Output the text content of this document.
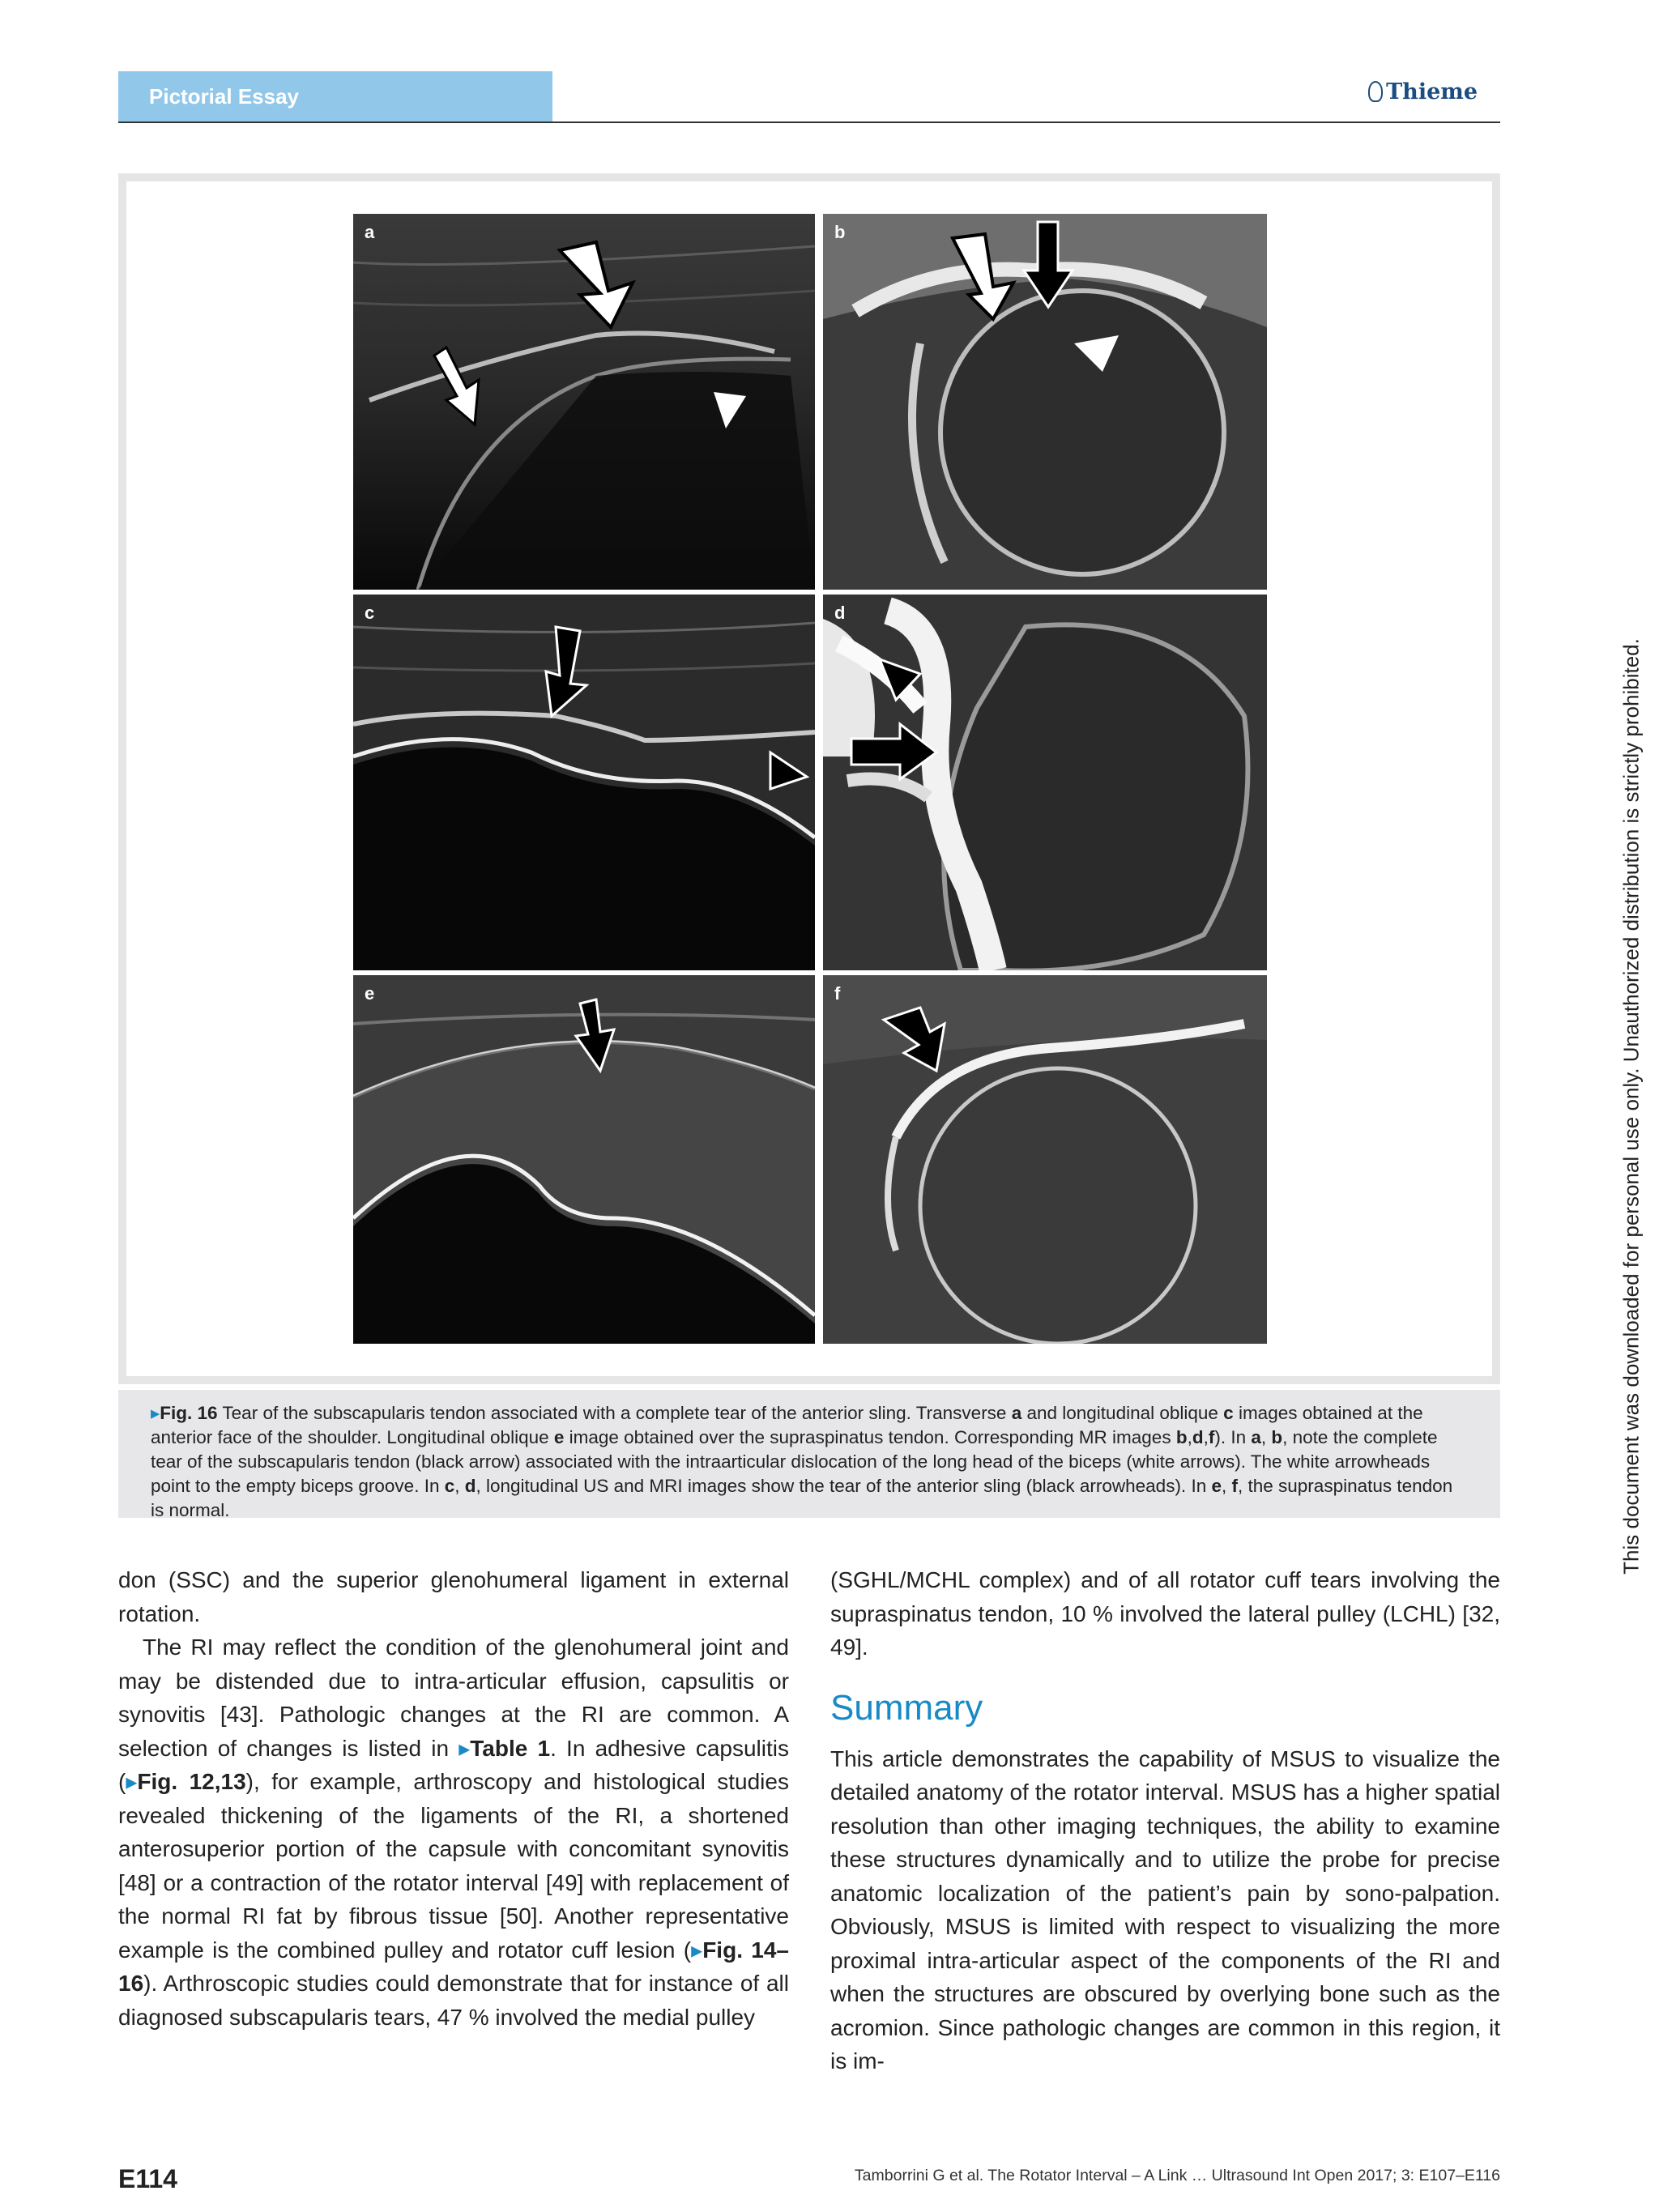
Pictorial Essay	Thieme
a	b
c	d
e	f
▸Fig. 16 Tear of the subscapularis tendon associated with a complete tear of the anterior sling. Transverse a and longitudinal oblique c images obtained at the anterior face of the shoulder. Longitudinal oblique e image obtained over the supraspinatus tendon. Corresponding MR images b,d,f). In a, b, note the complete tear of the subscapularis tendon (black arrow) associated with the intraarticular dislocation of the long head of the biceps (white arrows). The white arrowheads point to the empty biceps groove. In c, d, longitudinal US and MRI images show the tear of the anterior sling (black arrowheads). In e, f, the supraspinatus tendon is normal.

don (SSC) and the superior glenohumeral ligament in external rotation.

The RI may reflect the condition of the glenohumeral joint and may be distended due to intra-articular effusion, capsulitis or synovitis [43]. Pathologic changes at the RI are common. A selection of changes is listed in ▸Table 1. In adhesive capsulitis (▸Fig. 12,13), for example, arthroscopy and histological studies revealed thickening of the ligaments of the RI, a shortened anterosuperior portion of the capsule with concomitant synovitis [48] or a contraction of the rotator interval [49] with replacement of the normal RI fat by fibrous tissue [50]. Another representative example is the combined pulley and rotator cuff lesion (▸Fig. 14–16). Arthroscopic studies could demonstrate that for instance of all diagnosed subscapularis tears, 47 % involved the medial pulley

(SGHL/MCHL complex) and of all rotator cuff tears involving the supraspinatus tendon, 10 % involved the lateral pulley (LCHL) [32, 49].

Summary

This article demonstrates the capability of MSUS to visualize the detailed anatomy of the rotator interval. MSUS has a higher spatial resolution than other imaging techniques, the ability to examine these structures dynamically and to utilize the probe for precise anatomic localization of the patient’s pain by sono-palpation. Obviously, MSUS is limited with respect to visualizing the more proximal intra-articular aspect of the components of the RI and when the structures are obscured by overlying bone such as the acromion. Since pathologic changes are common in this region, it is im-

E114	Tamborrini G et al. The Rotator Interval – A Link … Ultrasound Int Open 2017; 3: E107–E116
This document was downloaded for personal use only. Unauthorized distribution is strictly prohibited.
